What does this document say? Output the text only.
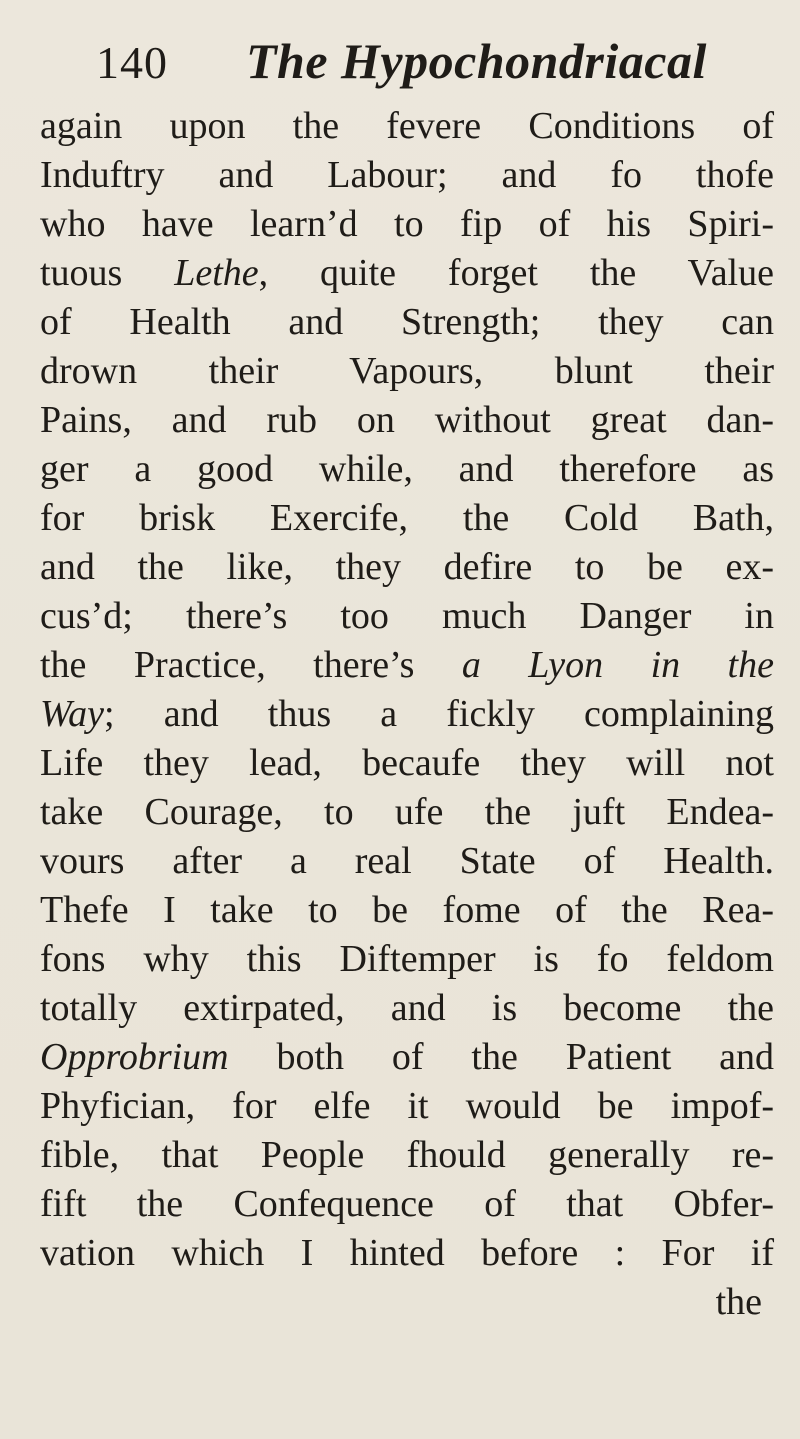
140	The Hypochondriacal
again upon the fevere Conditions of
Induftry and Labour; and fo thofe
who have learn’d to fip of his Spiri-
tuous Lethe, quite forget the Value
of Health and Strength; they can
drown their Vapours, blunt their
Pains, and rub on without great dan-
ger a good while, and therefore as
for brisk Exercife, the Cold Bath,
and the like, they defire to be ex-
cus’d; there’s too much Danger in
the Practice, there’s a Lyon in the
Way; and thus a fickly complaining
Life they lead, becaufe they will not
take Courage, to ufe the juft Endea-
vours after a real State of Health.
Thefe I take to be fome of the Rea-
fons why this Diftemper is fo feldom
totally extirpated, and is become the
Opprobrium both of the Patient and
Phyfician, for elfe it would be impof-
fible, that People fhould generally re-
fift the Confequence of that Obfer-
vation which I hinted before : For if
the
